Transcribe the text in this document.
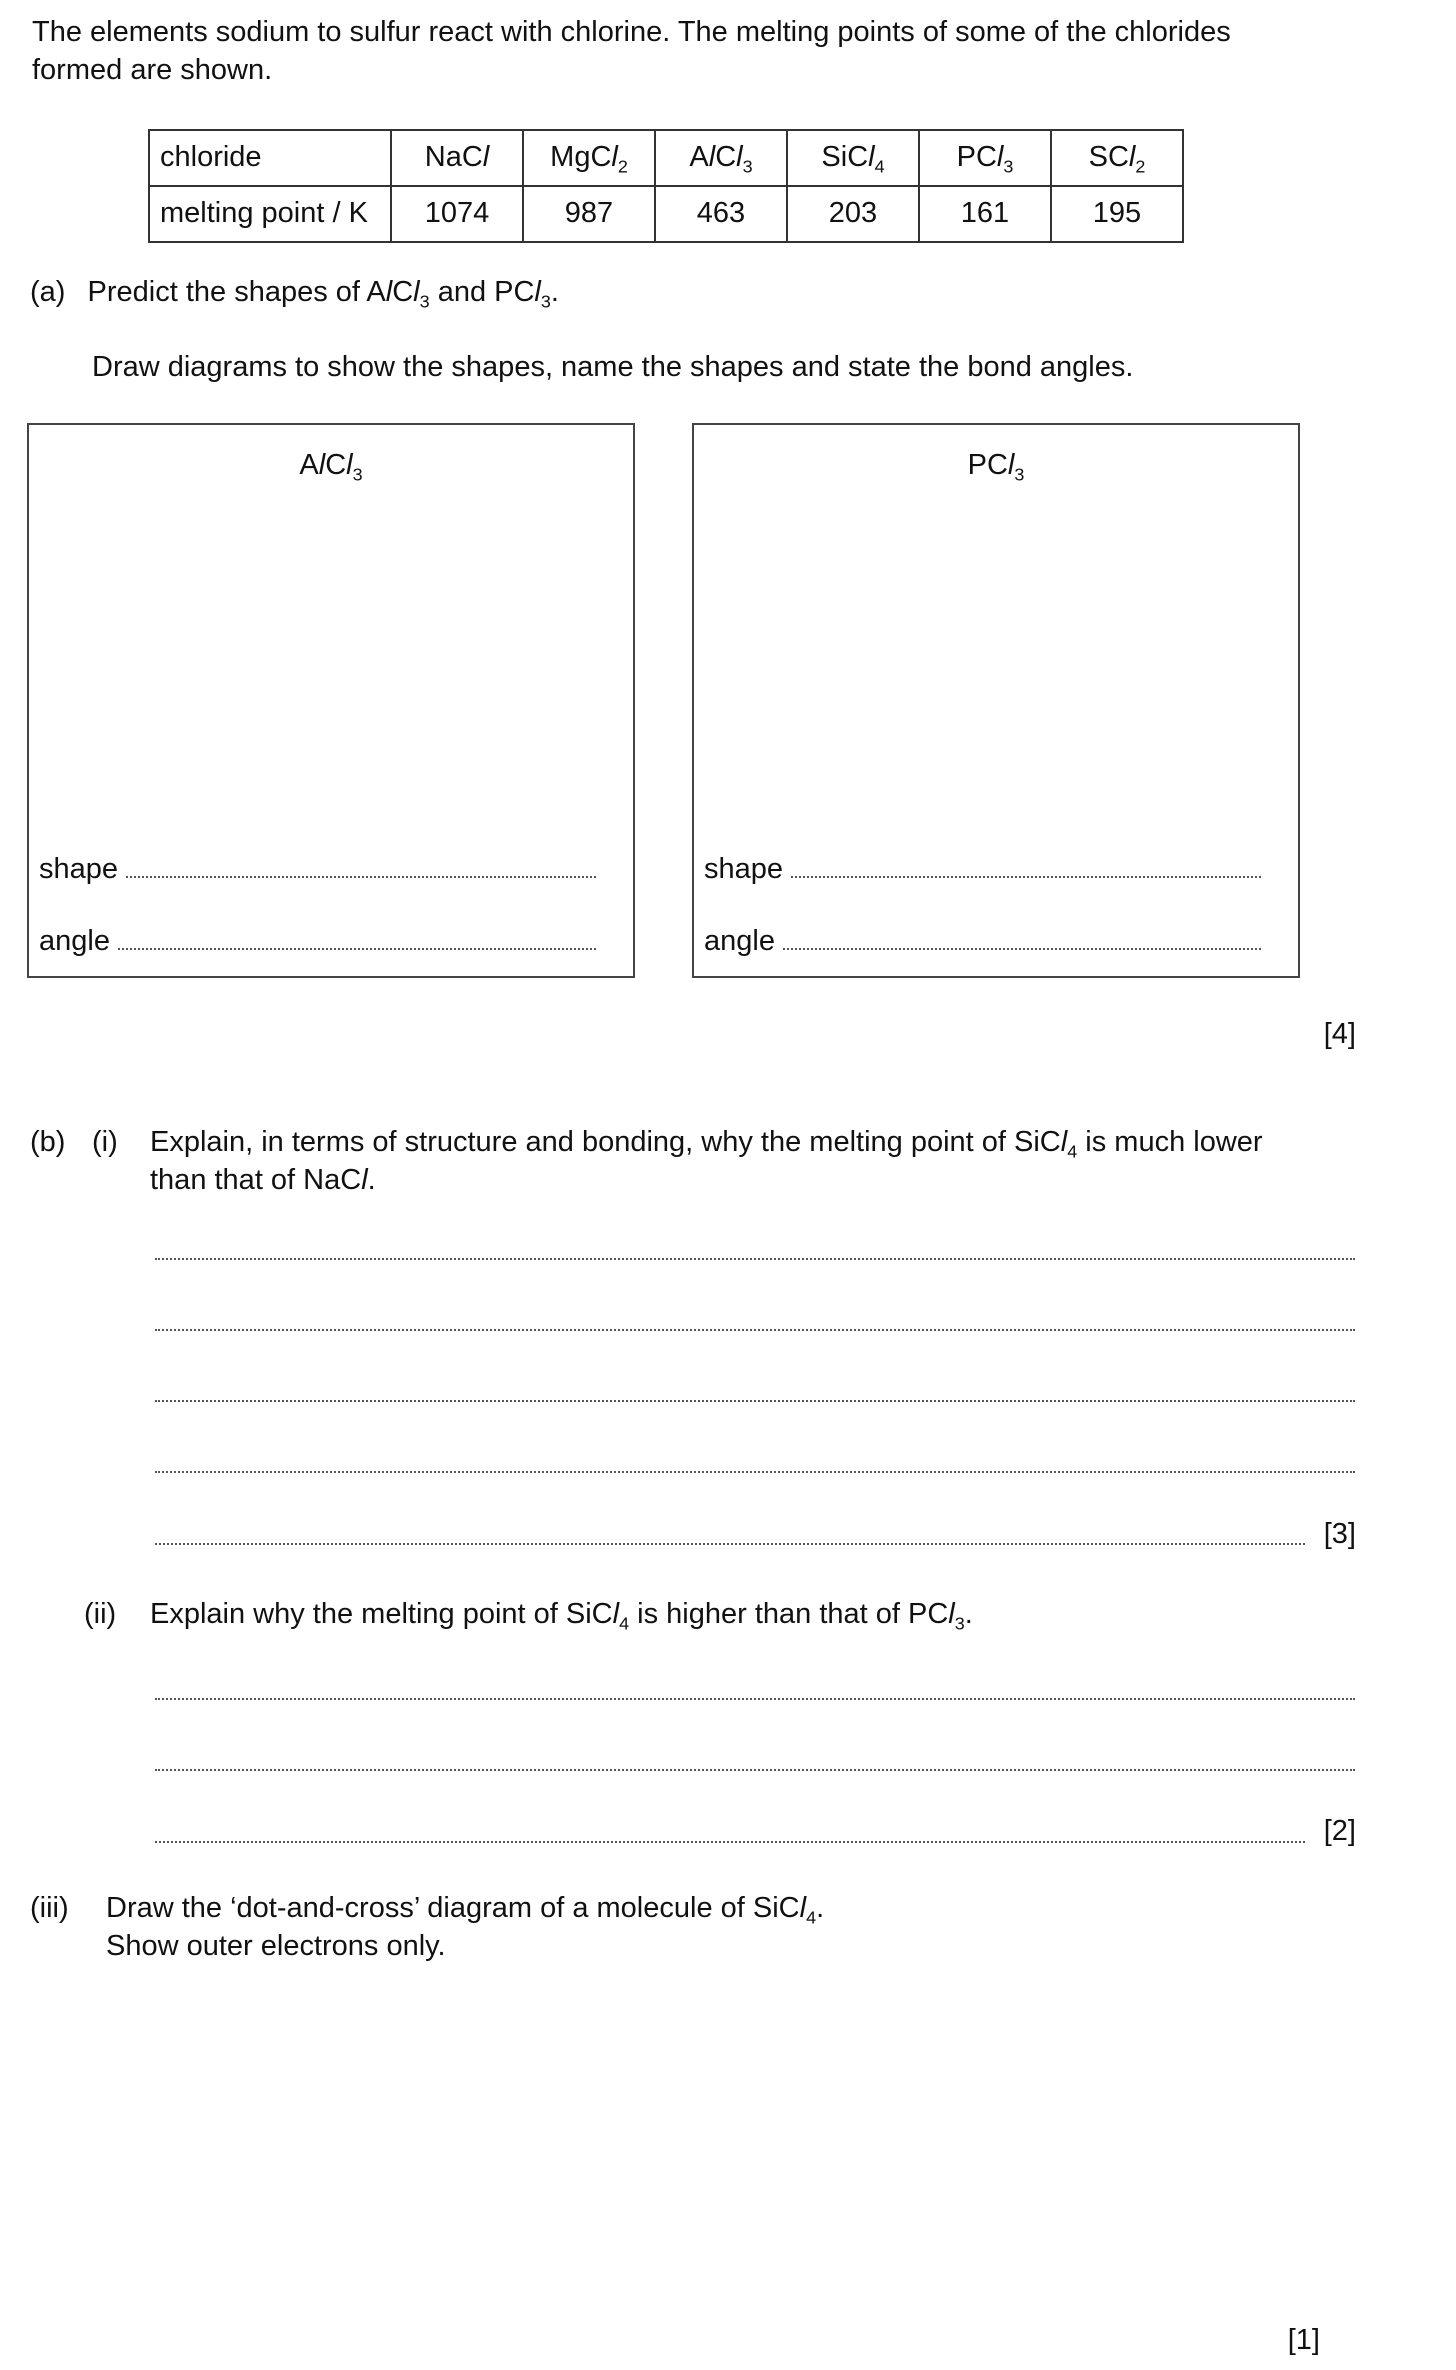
The elements sodium to sulfur react with chlorine. The melting points of some of the chlorides
formed are shown.
chloride	NaCl	MgCl$_2$	AlCl$_3$	SiCl$_4$	PCl$_3$	SCl$_2$
melting point / K	1074	987	463	203	161	195
(a) Predict the shapes of AlCl$_3$ and PCl$_3$.
Draw diagrams to show the shapes, name the shapes and state the bond angles.
AlCl$_3$
shape
angle
PCl$_3$
shape
angle
[4]
(b) (i) Explain, in terms of structure and bonding, why the melting point of SiCl$_4$ is much lower
than that of NaCl.
[3]
(ii) Explain why the melting point of SiCl$_4$ is higher than that of PCl$_3$.
[2]
(iii) Draw the ‘dot-and-cross’ diagram of a molecule of SiCl$_4$.
Show outer electrons only.
[1]
